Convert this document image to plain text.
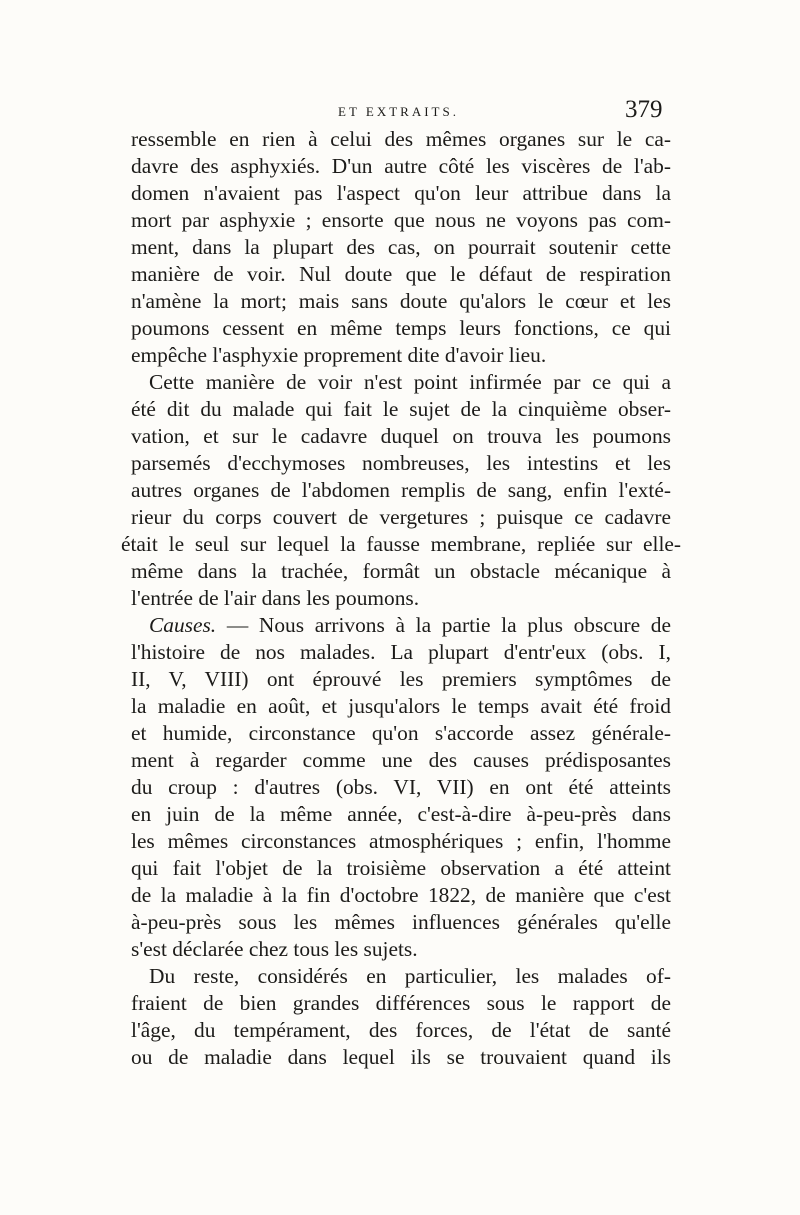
ET EXTRAITS.	379
ressemble en rien à celui des mêmes organes sur le ca-
davre des asphyxiés. D'un autre côté les viscères de l'ab-
domen n'avaient pas l'aspect qu'on leur attribue dans la
mort par asphyxie ; ensorte que nous ne voyons pas com-
ment, dans la plupart des cas, on pourrait soutenir cette
manière de voir. Nul doute que le défaut de respiration
n'amène la mort; mais sans doute qu'alors le cœur et les
poumons cessent en même temps leurs fonctions, ce qui
empêche l'asphyxie proprement dite d'avoir lieu.
Cette manière de voir n'est point infirmée par ce qui a
été dit du malade qui fait le sujet de la cinquième obser-
vation, et sur le cadavre duquel on trouva les poumons
parsemés d'ecchymoses nombreuses, les intestins et les
autres organes de l'abdomen remplis de sang, enfin l'exté-
rieur du corps couvert de vergetures ; puisque ce cadavre
était le seul sur lequel la fausse membrane, repliée sur elle-
même dans la trachée, formât un obstacle mécanique à
l'entrée de l'air dans les poumons.
Causes. — Nous arrivons à la partie la plus obscure de
l'histoire de nos malades. La plupart d'entr'eux (obs. I,
II, V, VIII) ont éprouvé les premiers symptômes de
la maladie en août, et jusqu'alors le temps avait été froid
et humide, circonstance qu'on s'accorde assez générale-
ment à regarder comme une des causes prédisposantes
du croup : d'autres (obs. VI, VII) en ont été atteints
en juin de la même année, c'est-à-dire à-peu-près dans
les mêmes circonstances atmosphériques ; enfin, l'homme
qui fait l'objet de la troisième observation a été atteint
de la maladie à la fin d'octobre 1822, de manière que c'est
à-peu-près sous les mêmes influences générales qu'elle
s'est déclarée chez tous les sujets.
Du reste, considérés en particulier, les malades of-
fraient de bien grandes différences sous le rapport de
l'âge, du tempérament, des forces, de l'état de santé
ou de maladie dans lequel ils se trouvaient quand ils
